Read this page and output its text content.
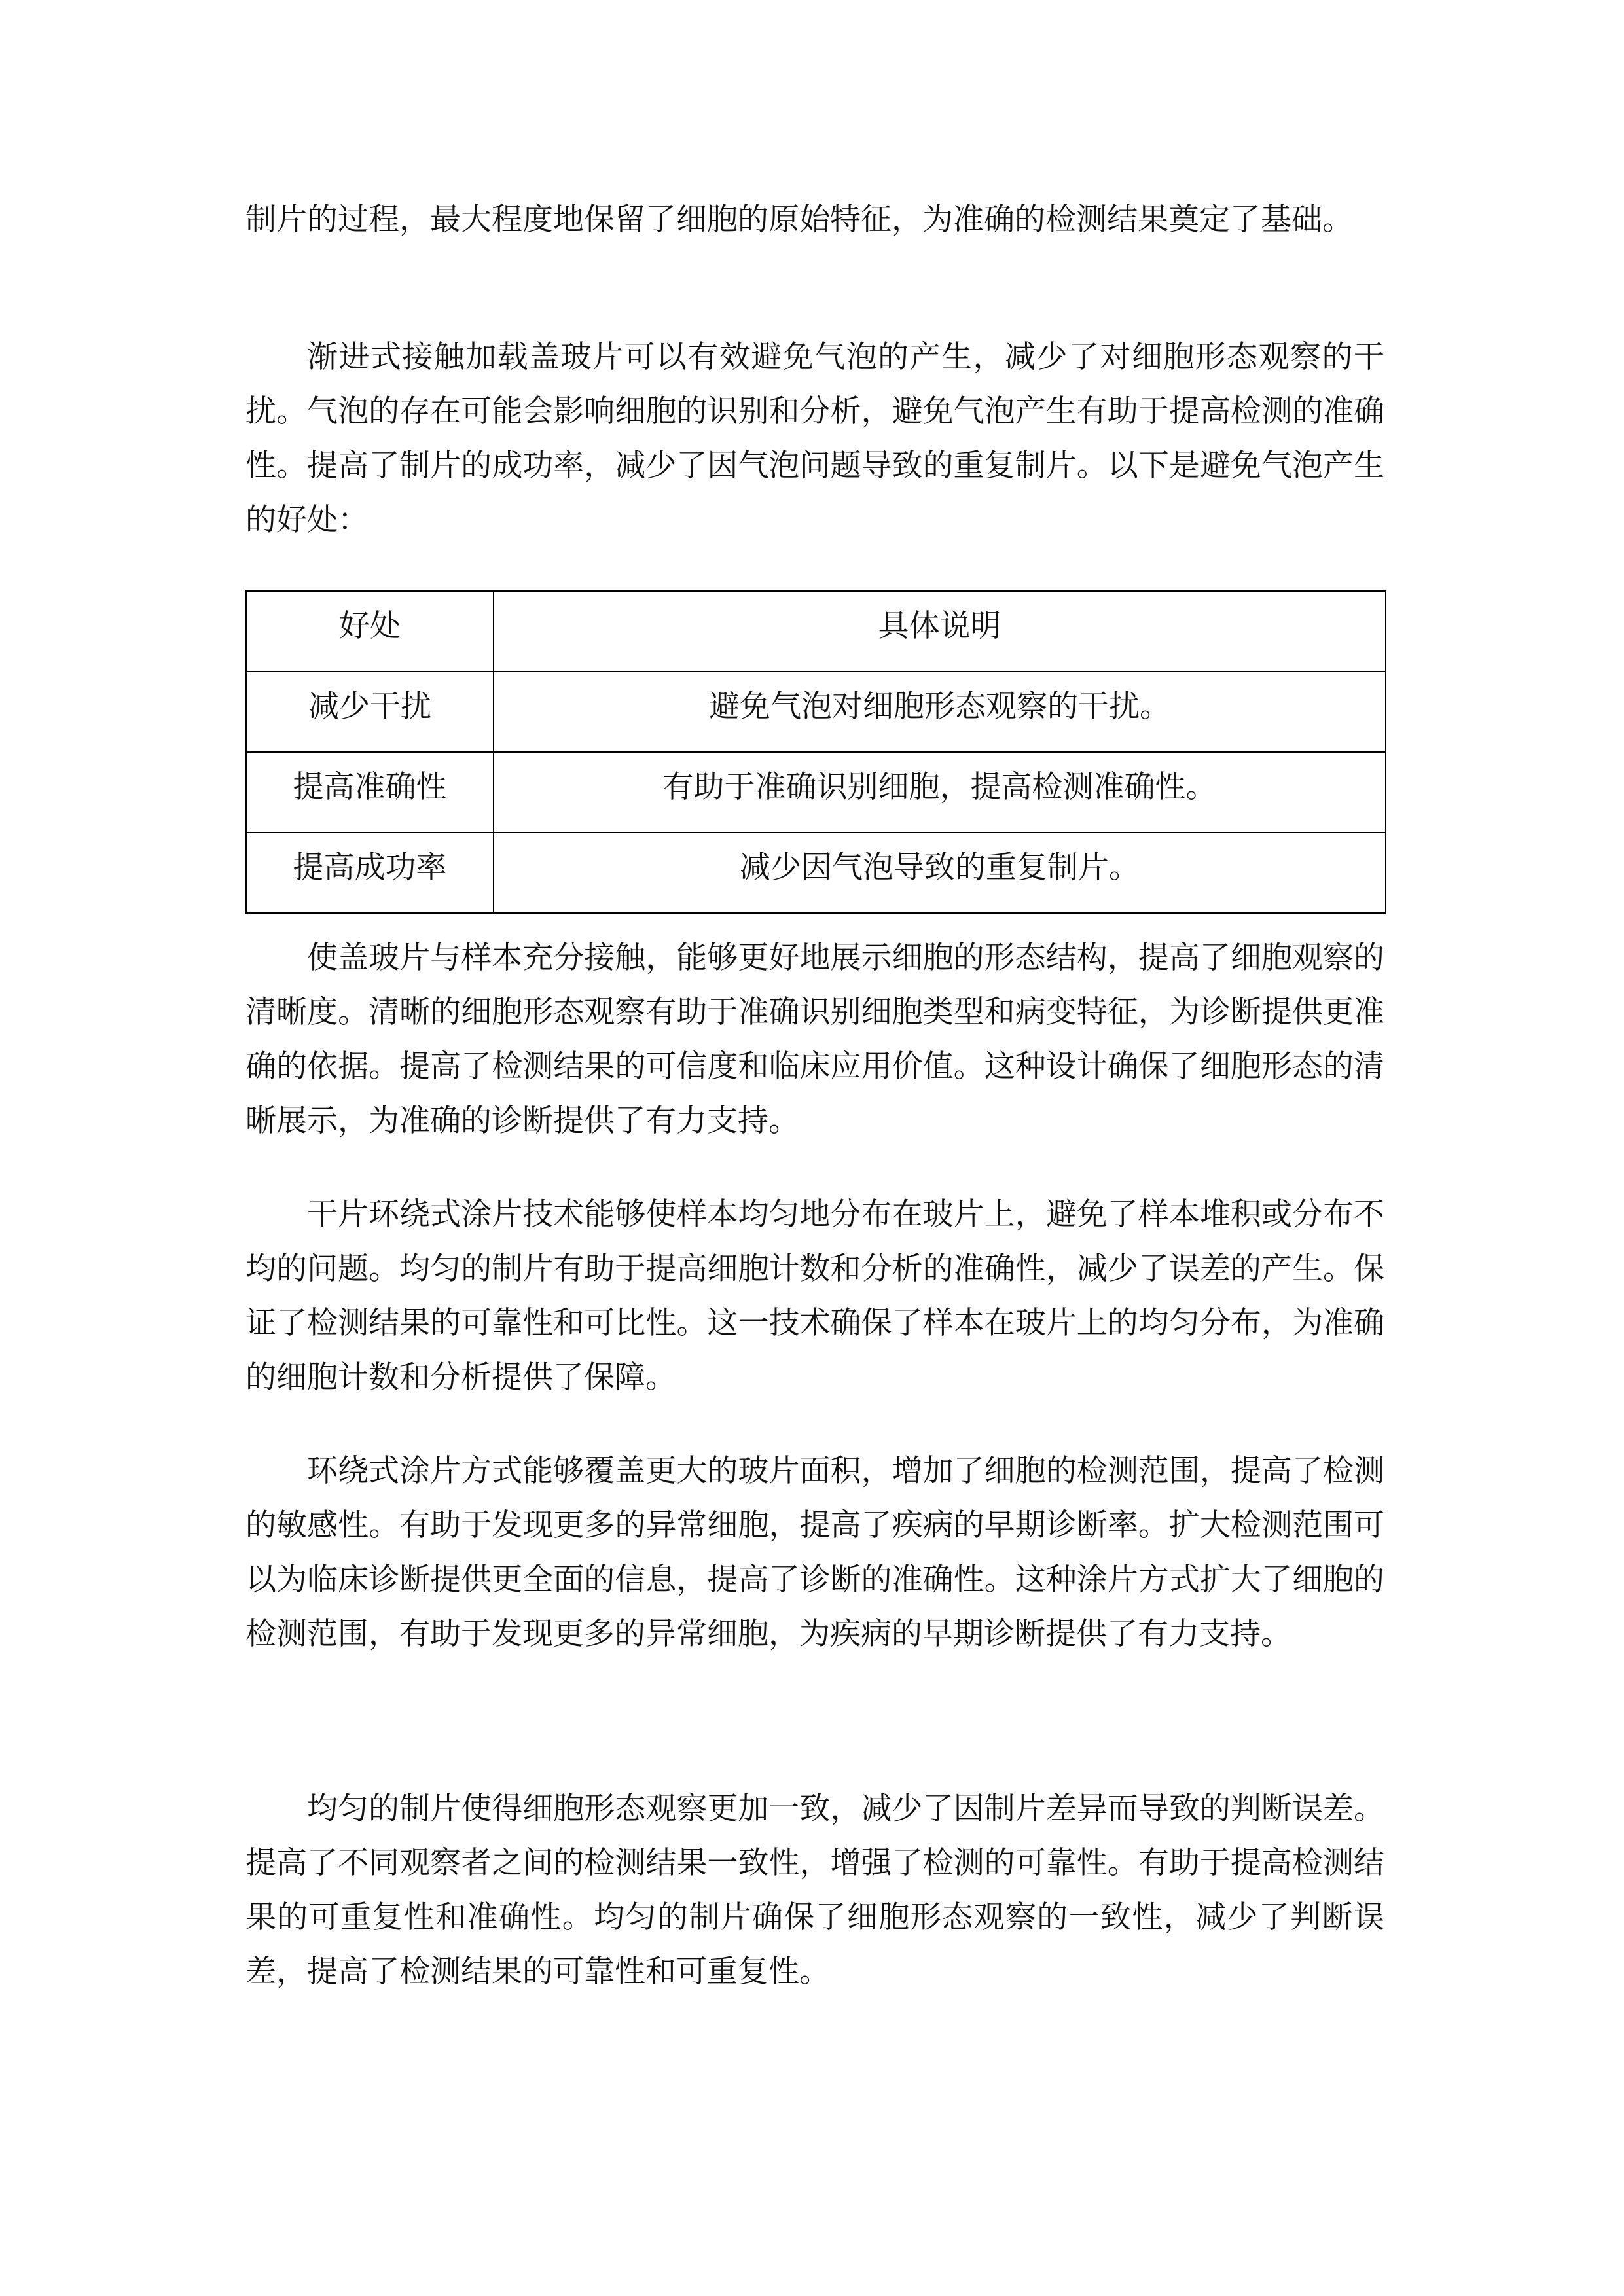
制片的过程，最大程度地保留了细胞的原始特征，为准确的检测结果奠定了基础。

渐进式接触加载盖玻片可以有效避免气泡的产生，减少了对细胞形态观察的干扰。气泡的存在可能会影响细胞的识别和分析，避免气泡产生有助于提高检测的准确性。提高了制片的成功率，减少了因气泡问题导致的重复制片。以下是避免气泡产生的好处：

好处	具体说明

减少干扰	避免气泡对细胞形态观察的干扰。

提高准确性	有助于准确识别细胞，提高检测准确性。

提高成功率	减少因气泡导致的重复制片。

使盖玻片与样本充分接触，能够更好地展示细胞的形态结构，提高了细胞观察的清晰度。清晰的细胞形态观察有助于准确识别细胞类型和病变特征，为诊断提供更准确的依据。提高了检测结果的可信度和临床应用价值。这种设计确保了细胞形态的清晰展示，为准确的诊断提供了有力支持。

干片环绕式涂片技术能够使样本均匀地分布在玻片上，避免了样本堆积或分布不均的问题。均匀的制片有助于提高细胞计数和分析的准确性，减少了误差的产生。保证了检测结果的可靠性和可比性。这一技术确保了样本在玻片上的均匀分布，为准确的细胞计数和分析提供了保障。

环绕式涂片方式能够覆盖更大的玻片面积，增加了细胞的检测范围，提高了检测的敏感性。有助于发现更多的异常细胞，提高了疾病的早期诊断率。扩大检测范围可以为临床诊断提供更全面的信息，提高了诊断的准确性。这种涂片方式扩大了细胞的检测范围，有助于发现更多的异常细胞，为疾病的早期诊断提供了有力支持。

均匀的制片使得细胞形态观察更加一致，减少了因制片差异而导致的判断误差。提高了不同观察者之间的检测结果一致性，增强了检测的可靠性。有助于提高检测结果的可重复性和准确性。均匀的制片确保了细胞形态观察的一致性，减少了判断误差，提高了检测结果的可靠性和可重复性。
